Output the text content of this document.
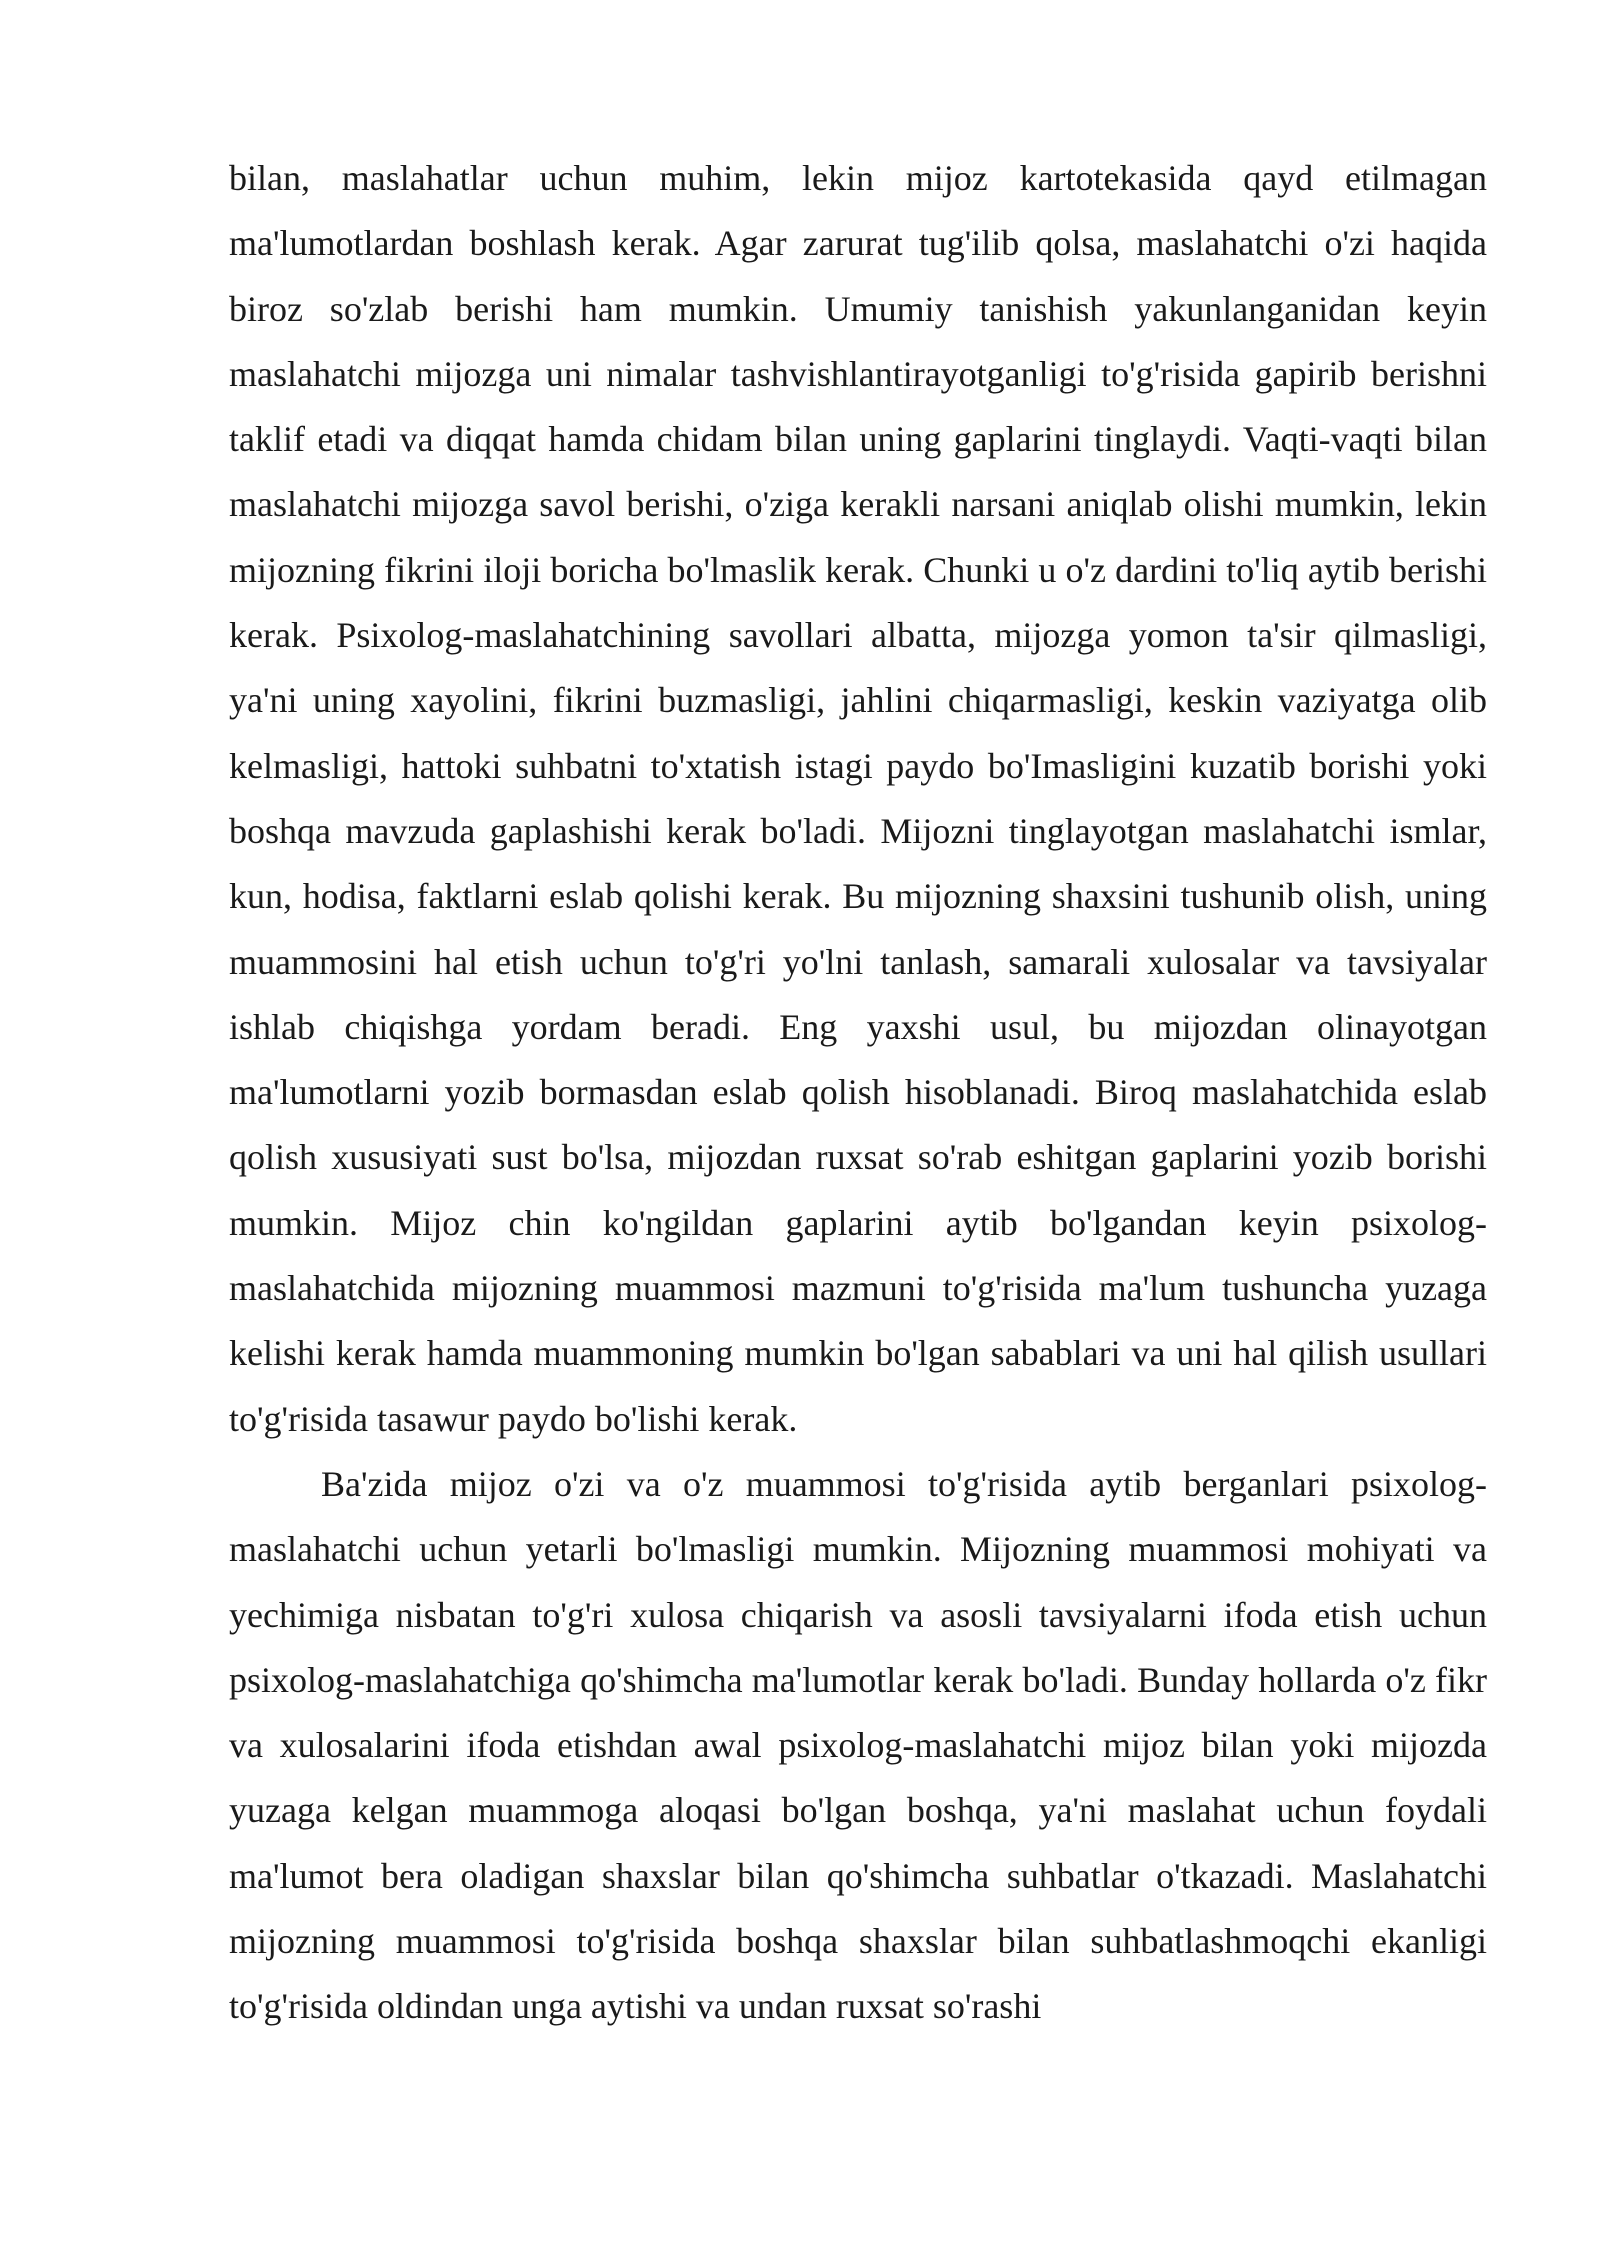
bilan, maslahatlar uchun muhim, lekin mijoz kartotekasida qayd etilmagan ma'lumotlardan boshlash kerak. Agar zarurat tug'ilib qolsa, maslahatchi o'zi haqida biroz so'zlab berishi ham mumkin. Umumiy tanishish yakunlanganidan keyin maslahatchi mijozga uni nimalar tashvishlantirayotganligi to'g'risida gapirib berishni taklif etadi va diqqat hamda chidam bilan uning gaplarini tinglaydi. Vaqti-vaqti bilan maslahatchi mijozga savol berishi, o'ziga kerakli narsani aniqlab olishi mumkin, lekin mijozning fikrini iloji boricha bo'lmaslik kerak. Chunki u o'z dardini to'liq aytib berishi kerak. Psixolog-maslahatchining savollari albatta, mijozga yomon ta'sir qilmasligi, ya'ni uning xayolini, fikrini buzmasligi, jahlini chiqarmasligi, keskin vaziyatga olib kelmasligi, hattoki suhbatni to'xtatish istagi paydo bo'Imasligini kuzatib borishi yoki boshqa mavzuda gaplashishi kerak bo'ladi. Mijozni tinglayotgan maslahatchi ismlar, kun, hodisa, faktlarni eslab qolishi kerak. Bu mijozning shaxsini tushunib olish, uning muammosini hal etish uchun to'g'ri yo'lni tanlash, samarali xulosalar va tavsiyalar ishlab chiqishga yordam beradi. Eng yaxshi usul, bu mijozdan olinayotgan ma'lumotlarni yozib bormasdan eslab qolish hisoblanadi. Biroq maslahatchida eslab qolish xususiyati sust bo'lsa, mijozdan ruxsat so'rab eshitgan gaplarini yozib borishi mumkin. Mijoz chin ko'ngildan gaplarini aytib bo'lgandan keyin psixolog-maslahatchida mijozning muammosi mazmuni to'g'risida ma'lum tushuncha yuzaga kelishi kerak hamda muammoning mumkin bo'lgan sabablari va uni hal qilish usullari to'g'risida tasawur paydo bo'lishi kerak.

Ba'zida mijoz o'zi va o'z muammosi to'g'risida aytib berganlari psixolog-maslahatchi uchun yetarli bo'lmasligi mumkin. Mijozning muammosi mohiyati va yechimiga nisbatan to'g'ri xulosa chiqarish va asosli tavsiyalarni ifoda etish uchun psixolog-maslahatchiga qo'shimcha ma'lumotlar kerak bo'ladi. Bunday hollarda o'z fikr va xulosalarini ifoda etishdan awal psixolog-maslahatchi mijoz bilan yoki mijozda yuzaga kelgan muammoga aloqasi bo'lgan boshqa, ya'ni maslahat uchun foydali ma'lumot bera oladigan shaxslar bilan qo'shimcha suhbatlar o'tkazadi. Maslahatchi mijozning muammosi to'g'risida boshqa shaxslar bilan suhbatlashmoqchi ekanligi to'g'risida oldindan unga aytishi va undan ruxsat so'rashi
